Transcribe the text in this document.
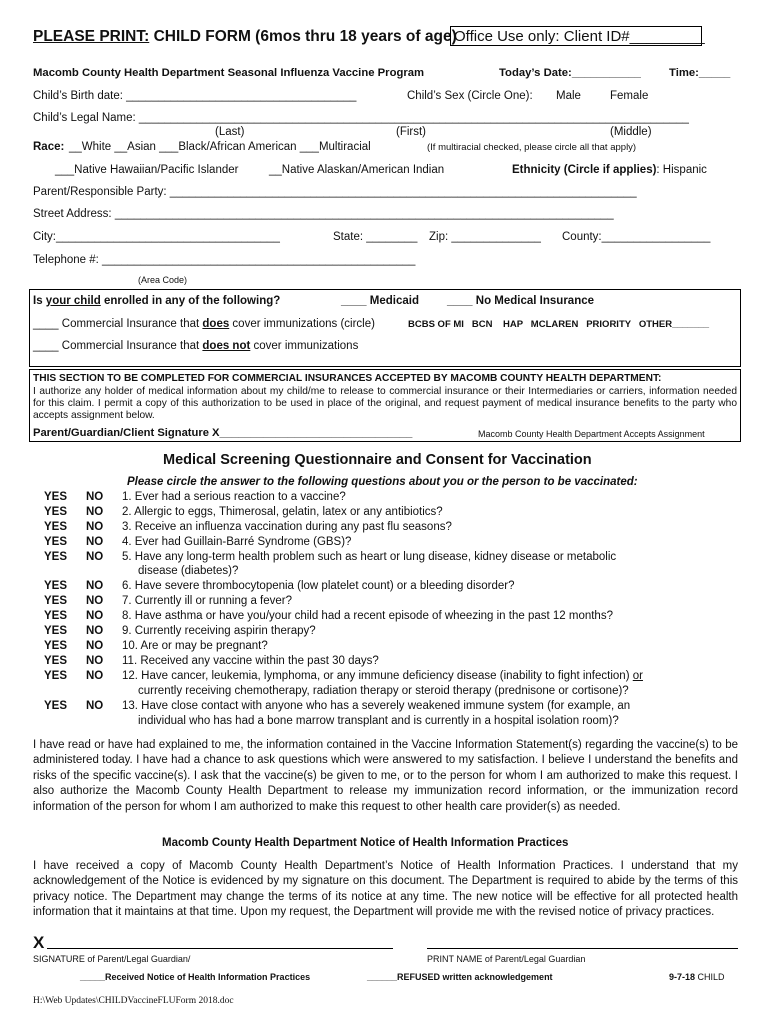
PLEASE PRINT: CHILD FORM (6mos thru 18 years of age)
Office Use only: Client ID#_________
Macomb County Health Department Seasonal Influenza Vaccine Program	Today’s Date:___________ Time:_____
Child’s Birth date: ____________________________________	Child’s Sex (Circle One): Male	Female
Child’s Legal Name: ______________________________________________________________________________________
(Last)	(First)	(Middle)
Race: __White __Asian ___Black/African American ___Multiracial	(If multiracial checked, please circle all that apply)
___Native Hawaiian/Pacific Islander	__Native Alaskan/American Indian	Ethnicity (Circle if applies): Hispanic
Parent/Responsible Party: _________________________________________________________________________
Street Address: ______________________________________________________________________________
City:___________________________________	State: ________ Zip: ______________ County:_________________
Telephone #: _________________________________________________
(Area Code)
Is your child enrolled in any of the following?	____ Medicaid ____ No Medical Insurance
____ Commercial Insurance that does cover immunizations (circle)	BCBS OF MI   BCN    HAP   MCLAREN   PRIORITY   OTHER_______
____ Commercial Insurance that does not cover immunizations
THIS SECTION TO BE COMPLETED FOR COMMERCIAL INSURANCES ACCEPTED BY MACOMB COUNTY HEALTH DEPARTMENT:
I authorize any holder of medical information about my child/me to release to commercial insurance or their Intermediaries or carriers, information needed for this claim. I permit a copy of this authorization to be used in place of the original, and request payment of medical insurance benefits to the party who accepts assignment below.
Parent/Guardian/Client Signature X_______________________________	Macomb County Health Department Accepts Assignment
Medical Screening Questionnaire and Consent for Vaccination
Please circle the answer to the following questions about you or the person to be vaccinated:
YES NO 1. Ever had a serious reaction to a vaccine?
YES NO 2. Allergic to eggs, Thimerosal, gelatin, latex or any antibiotics?
YES NO 3. Receive an influenza vaccination during any past flu seasons?
YES NO 4. Ever had Guillain-Barré Syndrome (GBS)?
YES NO 5. Have any long-term health problem such as heart or lung disease, kidney disease or metabolic
disease (diabetes)?
YES NO 6. Have severe thrombocytopenia (low platelet count) or a bleeding disorder?
YES NO 7. Currently ill or running a fever?
YES NO 8. Have asthma or have you/your child had a recent episode of wheezing in the past 12 months?
YES NO 9. Currently receiving aspirin therapy?
YES NO 10. Are or may be pregnant?
YES NO 11. Received any vaccine within the past 30 days?
YES NO 12. Have cancer, leukemia, lymphoma, or any immune deficiency disease (inability to fight infection) or
currently receiving chemotherapy, radiation therapy or steroid therapy (prednisone or cortisone)?
YES NO 13. Have close contact with anyone who has a severely weakened immune system (for example, an
individual who has had a bone marrow transplant and is currently in a hospital isolation room)?
I have read or have had explained to me, the information contained in the Vaccine Information Statement(s) regarding the vaccine(s) to be administered today. I have had a chance to ask questions which were answered to my satisfaction. I believe I understand the benefits and risks of the specific vaccine(s). I ask that the vaccine(s) be given to me, or to the person for whom I am authorized to make this request. I also authorize the Macomb County Health Department to release my immunization record information, or the immunization record information of the person for whom I am authorized to make this request to other health care provider(s) as needed.
Macomb County Health Department Notice of Health Information Practices
I have received a copy of Macomb County Health Department’s Notice of Health Information Practices. I understand that my acknowledgement of the Notice is evidenced by my signature on this document. The Department is required to abide by the terms of this privacy notice. The Department may change the terms of its notice at any time. The new notice will be effective for all protected health information that it maintains at that time. Upon my request, the Department will provide me with the revised notice of privacy practices.
X
SIGNATURE of Parent/Legal Guardian/	PRINT NAME of Parent/Legal Guardian
_____Received Notice of Health Information Practices	______REFUSED written acknowledgement	9-7-18 CHILD
H:\Web Updates\CHILDVaccineFLUForm 2018.doc
